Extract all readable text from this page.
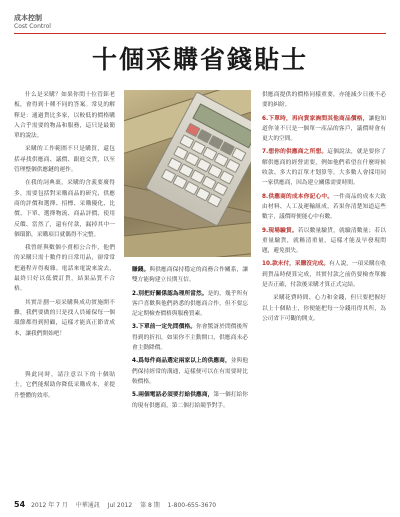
成本控制
Cost Control
十個采購省錢貼士

什么是采購？如果你問十位管鉅老板，會得到十種不同的答案。常見的解釋是：通過貨比多家，以較低的價格購入合乎需要的物品和服務，這只是最簡單的說法。

采購的工作範圍不只是購買，還包括尋找供應商、議價、跟進交貨，以至管理整個供應鏈的運作。

在我的詞典裏，采購的含義要廣得多，需要包括對采購商品的研究、供應商的評價和選擇、招標、采購優化、比價、下單、選擇物流、商品評價、使用反饋、當然了，還有付款，漏掉其中一個環節，采購項目就偶得不完整。

我曾經與數個小賣相公合作，他們的采購只需十數件的日常用品，卻常常把過程弄得複雜。電話來電說來說去，最終只好以低價訂貨，結果品質不合格。

其實計劃一項采購與成功實施開不難，我們要做的只是找人員確保每一個環節都得到照顧，這樣才能真正節省成本，讓我們開始吧！

與此同時，請注意以下的十個貼士，它們能幫助你降低采購成本，並提升整體的效率。

賺錢。與供應商保持穩定的商務合作關系，讓雙方能夠建立長期互信。

2.別把好關係認為理所當然。是的，幾乎所有客戶喜歡與他們熟悉的供應商合作，但不要忘記定期檢查價格與服務質素。

3.下單前一定先問價格。你會驚訝於問價後所得到的折扣，如果你不主動開口，供應商未必會主動降價。

4.爲每件商品選定兩家以上的供應商，並與他們保持經常的溝通，這樣便可以在有需要時比較價格。

5.兩個電話必須要打給供應商，第一個打給你的現有供應商，第二個打給競爭對手。

供應商提供的價格同樣重要，亦能減少日後不必要的糾紛。

6.下單時，再向貨家詢問其他商品價格，讓他知道你並不只是一個單一產品的客戶，議價時會有更大的空間。

7.想你的供應商之所想。這個說法，就是要你了解供應商的經營需要，例如他們希望在什麼時候收款、多大的訂單才划算等。大多數人會採用同一家供應商，因為建立關係需要時間。

8.供應商的成本你記心中。一件商品的成本大致由材料、人工及運輸組成，若果你清楚知道這些數字，議價時便能心中有數。

9.現場驗貨。若以數量驗貨，就驗清數量；若以重量驗貨，就稱清重量，這樣才能及早發現問題，避免損失。

10.款未付，采購沒完成。有人說，一項采購在收到貨品時便算完成，其實付款之前仍要檢查單據是否正確，付款後采購才算正式完結。

采購花費時間、心力和金錢，但只要把握好以上十個貼士，你便能把每一分錢用得其所，為公司省下可觀的開支。

54 2012 年 7 月 中華通訊 Jul 2012 第 8 期 1-800-655-3670
